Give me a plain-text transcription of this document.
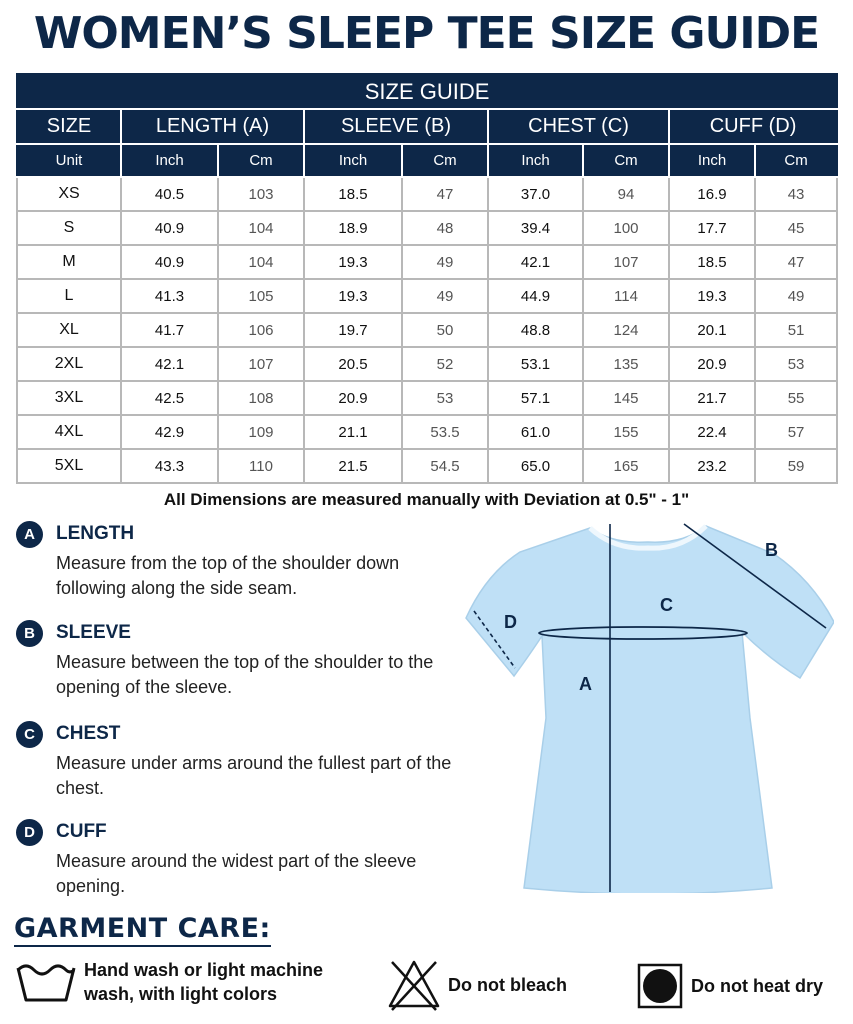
WOMEN’S SLEEP TEE SIZE GUIDE
SIZE GUIDE								
SIZE	LENGTH (A)		SLEEVE (B)		CHEST (C)		CUFF (D)	
Unit	Inch	Cm	Inch	Cm	Inch	Cm	Inch	Cm
XS	40.5	103	18.5	47	37.0	94	16.9	43
S	40.9	104	18.9	48	39.4	100	17.7	45
M	40.9	104	19.3	49	42.1	107	18.5	47
L	41.3	105	19.3	49	44.9	114	19.3	49
XL	41.7	106	19.7	50	48.8	124	20.1	51
2XL	42.1	107	20.5	52	53.1	135	20.9	53
3XL	42.5	108	20.9	53	57.1	145	21.7	55
4XL	42.9	109	21.1	53.5	61.0	155	22.4	57
5XL	43.3	110	21.5	54.5	65.0	165	23.2	59
All Dimensions are measured manually with Deviation at 0.5" - 1"
A	LENGTH
Measure from the top of the shoulder down following along the side seam.
B	SLEEVE
Measure between the top of the shoulder to the opening of the sleeve.
C	CHEST
Measure under arms around the fullest part of the chest.
D	CUFF
Measure around the widest part of the sleeve opening.
B
C
D
A
GARMENT CARE:
Hand wash or light machine
wash, with light colors	Do not bleach	Do not heat dry
